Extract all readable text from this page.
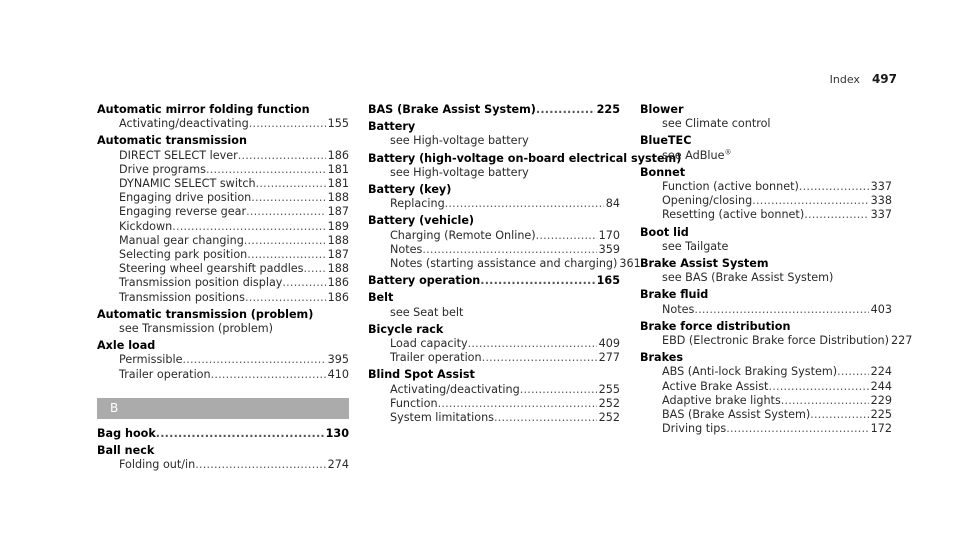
Index 497
Automatic mirror folding function
Activating/deactivating .....	155
Automatic transmission
DIRECT SELECT lever .....	186
Drive programs .....	181
DYNAMIC SELECT switch .....	181
Engaging drive position .....	188
Engaging reverse gear .....	187
Kickdown .....	189
Manual gear changing .....	188
Selecting park position .....	187
Steering wheel gearshift paddles ..... 188
Transmission position display .....	186
Transmission positions .....	186
Automatic transmission (problem)
see Transmission (problem)
Axle load
Permissible .....	395
Trailer operation .....	410
B
Bag hook .....	130
Ball neck
Folding out/in .....	274
BAS (Brake Assist System) .....	225
Battery
see High-voltage battery
Battery (high-voltage on-board electrical system)
see High-voltage battery
Battery (key)
Replacing .....	84
Battery (vehicle)
Charging (Remote Online) .....	170
Notes .....	359
Notes (starting assistance and charging) 361
Battery operation .....	165
Belt
see Seat belt
Bicycle rack
Load capacity .....	409
Trailer operation .....	277
Blind Spot Assist
Activating/deactivating .....	255
Function .....	252
System limitations .....	252
Blower
see Climate control
BlueTEC
see AdBlue®
Bonnet
Function (active bonnet) .....	337
Opening/closing .....	338
Resetting (active bonnet) .....	337
Boot lid
see Tailgate
Brake Assist System
see BAS (Brake Assist System)
Brake fluid
Notes .....	403
Brake force distribution
EBD (Electronic Brake force Distribution) 227
Brakes
ABS (Anti-lock Braking System) .....	224
Active Brake Assist .....	244
Adaptive brake lights .....	229
BAS (Brake Assist System) .....	225
Driving tips .....	172
